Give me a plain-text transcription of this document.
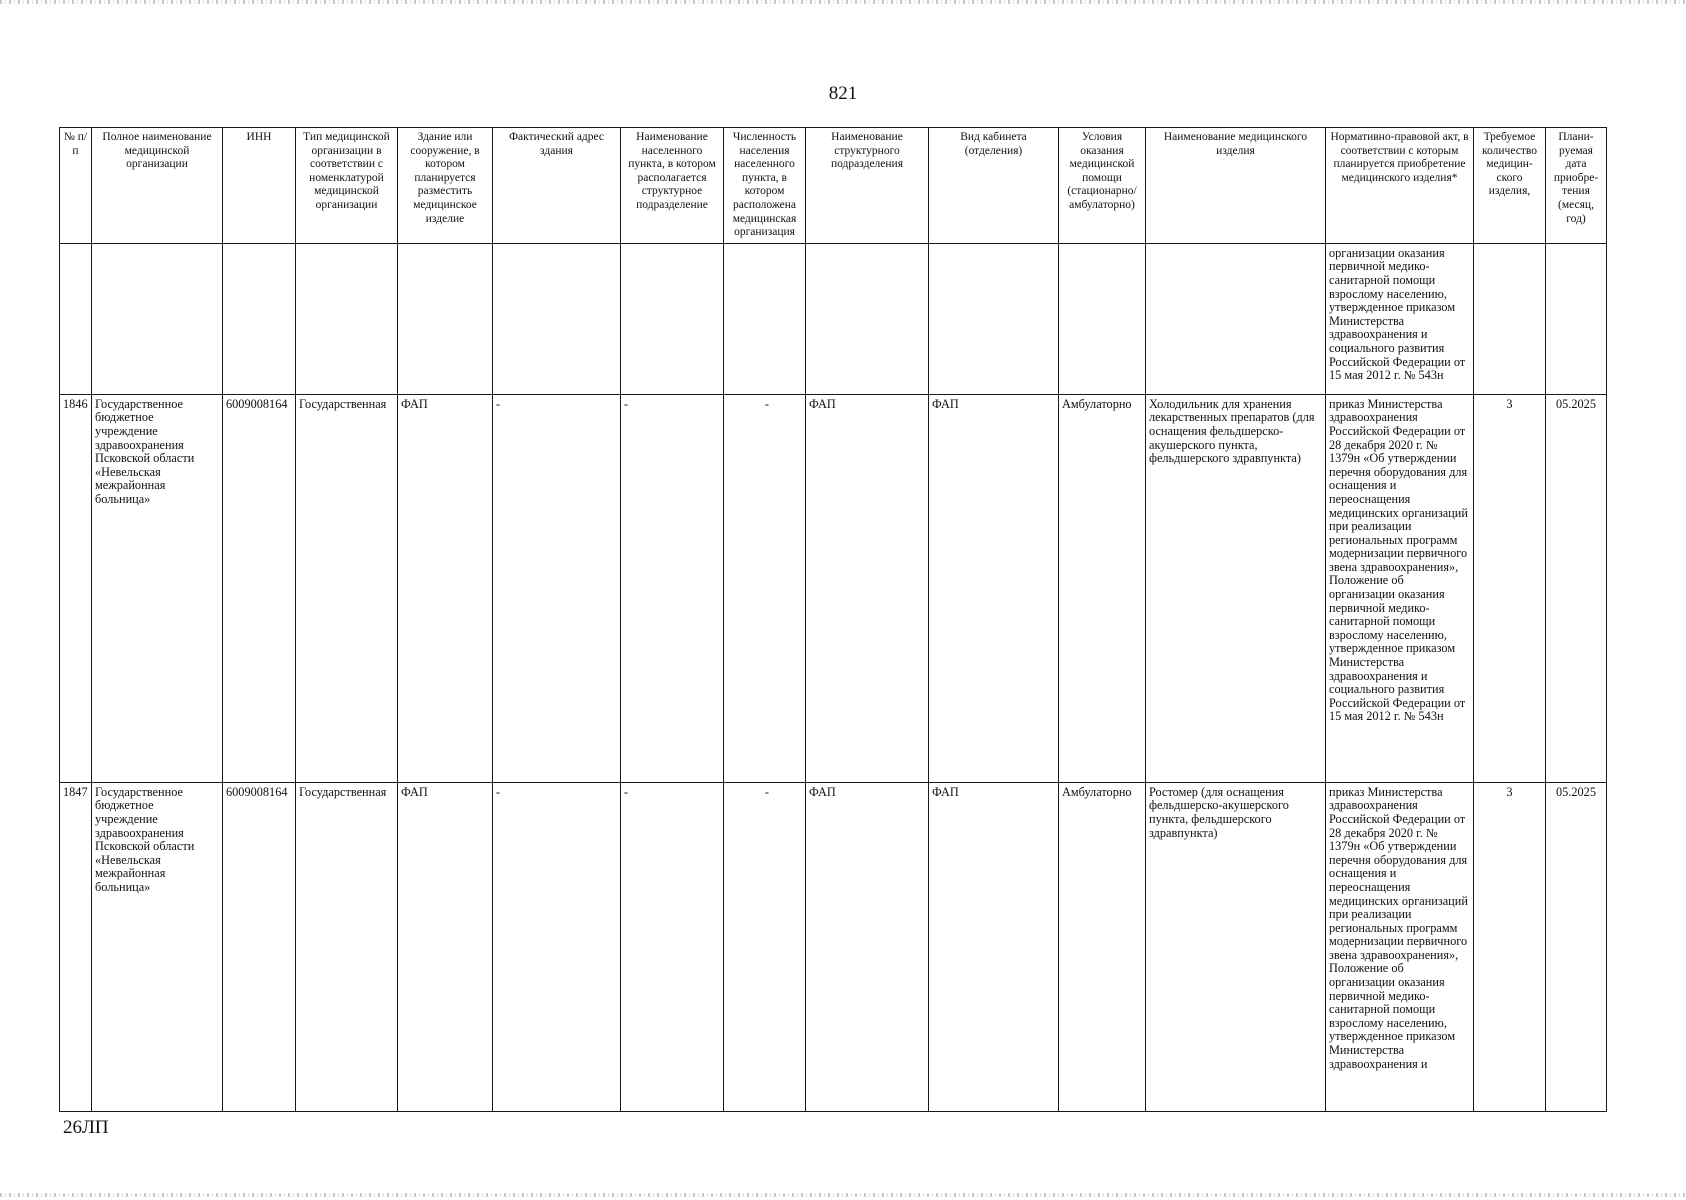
821
№ п/п	Полное наименование медицинской организации	ИНН	Тип медицинской организации в соответствии с номенклатурой медицинской организации	Здание или сооружение, в котором планируется разместить медицинское изделие	Фактический адрес здания	Наименование населенного пункта, в котором располагается структурное подразделение	Численность населения населенного пункта, в котором расположена медицинская организация	Наименование структурного подразделения	Вид кабинета (отделения)	Условия оказания медицинской помощи (стационарно/ амбулаторно)	Наименование медицинского изделия	Нормативно-правовой акт, в соответствии с которым планируется приобретение медицинского изделия*	Требуемое количество медицин-ского изделия,	Плани-руемая дата приобре-тения (месяц, год)
												организации оказания первичной медико-санитарной помощи взрослому населению, утвержденное приказом Министерства здравоохранения и социального развития Российской Федерации от 15 мая 2012 г. № 543н		
1846	Государственное бюджетное учреждение здравоохранения Псковской области «Невельская межрайонная больница»	6009008164	Государственная	ФАП	-	-	-	ФАП	ФАП	Амбулаторно	Холодильник для хранения лекарственных препаратов (для оснащения фельдшерско-акушерского пункта, фельдшерского здравпункта)	приказ Министерства здравоохранения Российской Федерации от 28 декабря 2020 г. № 1379н «Об утверждении перечня оборудования для оснащения и переоснащения медицинских организаций при реализации региональных программ модернизации первичного звена здравоохранения», Положение об организации оказания первичной медико-санитарной помощи взрослому населению, утвержденное приказом Министерства здравоохранения и социального развития Российской Федерации от 15 мая 2012 г. № 543н	3	05.2025
1847	Государственное бюджетное учреждение здравоохранения Псковской области «Невельская межрайонная больница»	6009008164	Государственная	ФАП	-	-	-	ФАП	ФАП	Амбулаторно	Ростомер (для оснащения фельдшерско-акушерского пункта, фельдшерского здравпункта)	приказ Министерства здравоохранения Российской Федерации от 28 декабря 2020 г. № 1379н «Об утверждении перечня оборудования для оснащения и переоснащения медицинских организаций при реализации региональных программ модернизации первичного звена здравоохранения», Положение об организации оказания первичной медико-санитарной помощи взрослому населению, утвержденное приказом Министерства здравоохранения и	3	05.2025
26ЛП
